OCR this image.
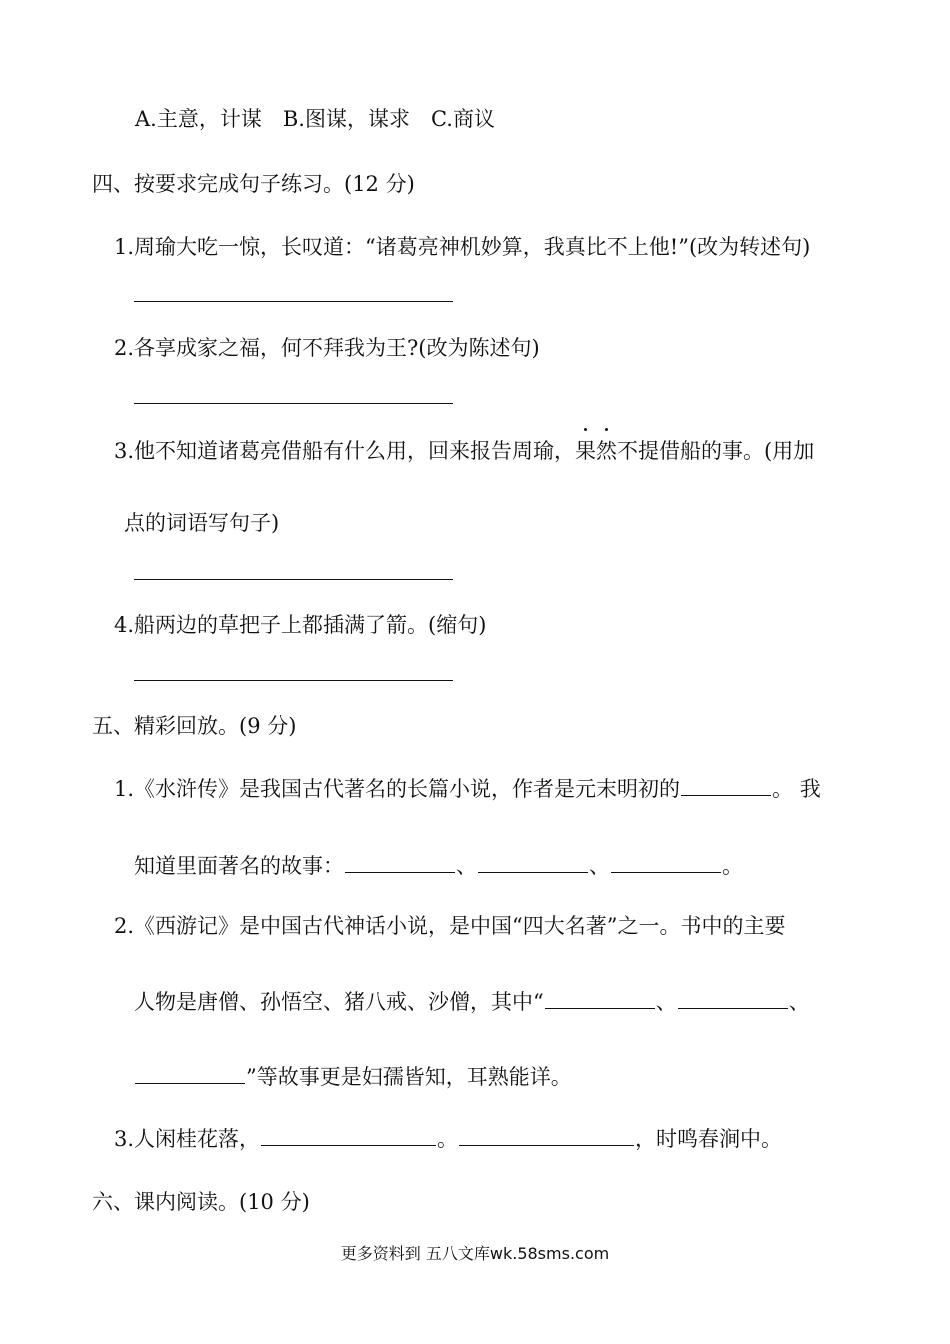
A.主意，计谋　B.图谋，谋求　C.商议
四、按要求完成句子练习。(12 分)
1.周瑜大吃一惊，长叹道：“诸葛亮神机妙算，我真比不上他!”(改为转述句)
2.各享成家之福，何不拜我为王?(改为陈述句)
3.他不知道诸葛亮借船有什么用，回来报告周瑜，果然不提借船的事。(用加
点的词语写句子)
4.船两边的草把子上都插满了箭。(缩句)
五、精彩回放。(9 分)
1.《水浒传》是我国古代著名的长篇小说，作者是元末明初的	。 我
知道里面著名的故事：	、	、	。
2.《西游记》是中国古代神话小说，是中国“四大名著”之一。书中的主要
人物是唐僧、孙悟空、猪八戒、沙僧，其中“	、	、
”等故事更是妇孺皆知，耳熟能详。
3.人闲桂花落，	。	，时鸣春涧中。
六、课内阅读。(10 分)
更多资料到 五八文库wk.58sms.com
